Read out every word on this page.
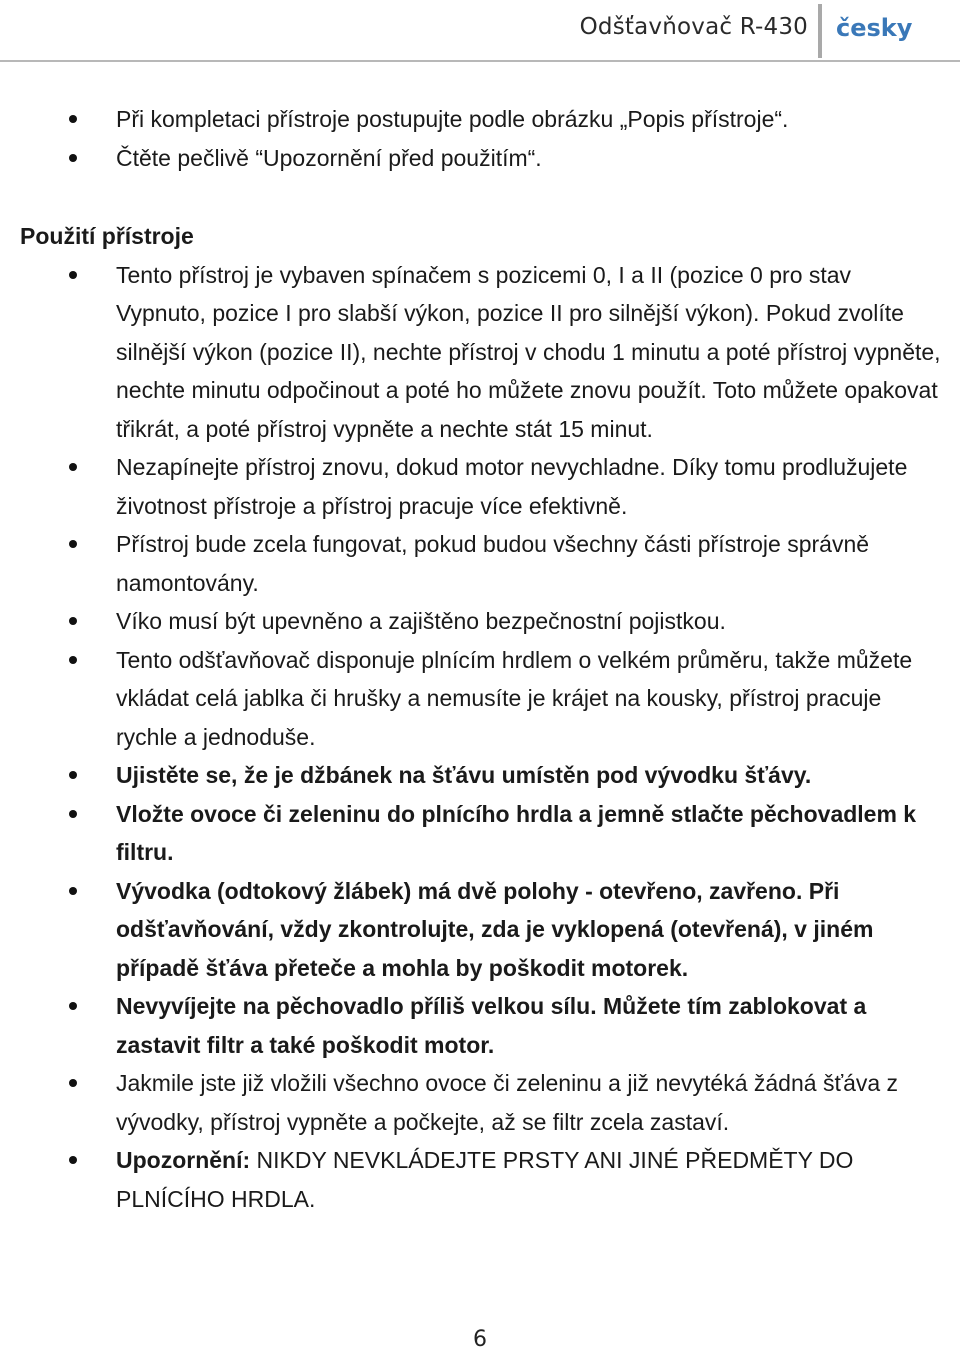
Odšťavňovač R-430 česky
Při kompletaci přístroje postupujte podle obrázku „Popis přístroje“.
Čtěte pečlivě “Upozornění před použitím“.
Použití přístroje
Tento přístroj je vybaven spínačem s pozicemi 0, I a II (pozice 0 pro stav Vypnuto, pozice I pro slabší výkon, pozice II pro silnější výkon). Pokud zvolíte silnější výkon (pozice II), nechte přístroj v chodu 1 minutu a poté přístroj vypněte, nechte minutu odpočinout a poté ho můžete znovu použít. Toto můžete opakovat třikrát, a poté přístroj vypněte a nechte stát 15 minut.
Nezapínejte přístroj znovu, dokud motor nevychladne. Díky tomu prodlužujete životnost přístroje a přístroj pracuje více efektivně.
Přístroj bude zcela fungovat, pokud budou všechny části přístroje správně namontovány.
Víko musí být upevněno a zajištěno bezpečnostní pojistkou.
Tento odšťavňovač disponuje plnícím hrdlem o velkém průměru, takže můžete vkládat celá jablka či hrušky a nemusíte je krájet na kousky, přístroj pracuje rychle a jednoduše.
Ujistěte se, že je džbánek na šťávu umístěn pod vývodku šťávy.
Vložte ovoce či zeleninu do plnícího hrdla a jemně stlačte pěchovadlem k filtru.
Vývodka (odtokový žlábek) má dvě polohy - otevřeno, zavřeno. Při odšťavňování, vždy zkontrolujte, zda je vyklopená (otevřená), v jiném případě šťáva přeteče a mohla by poškodit motorek.
Nevyvíjejte na pěchovadlo příliš velkou sílu. Můžete tím zablokovat a zastavit filtr a také poškodit motor.
Jakmile jste již vložili všechno ovoce či zeleninu a již nevytéká žádná šťáva z vývodky, přístroj vypněte a počkejte, až se filtr zcela zastaví.
Upozornění: NIKDY NEVKLÁDEJTE PRSTY ANI JINÉ PŘEDMĚTY DO PLNÍCÍHO HRDLA.
6
